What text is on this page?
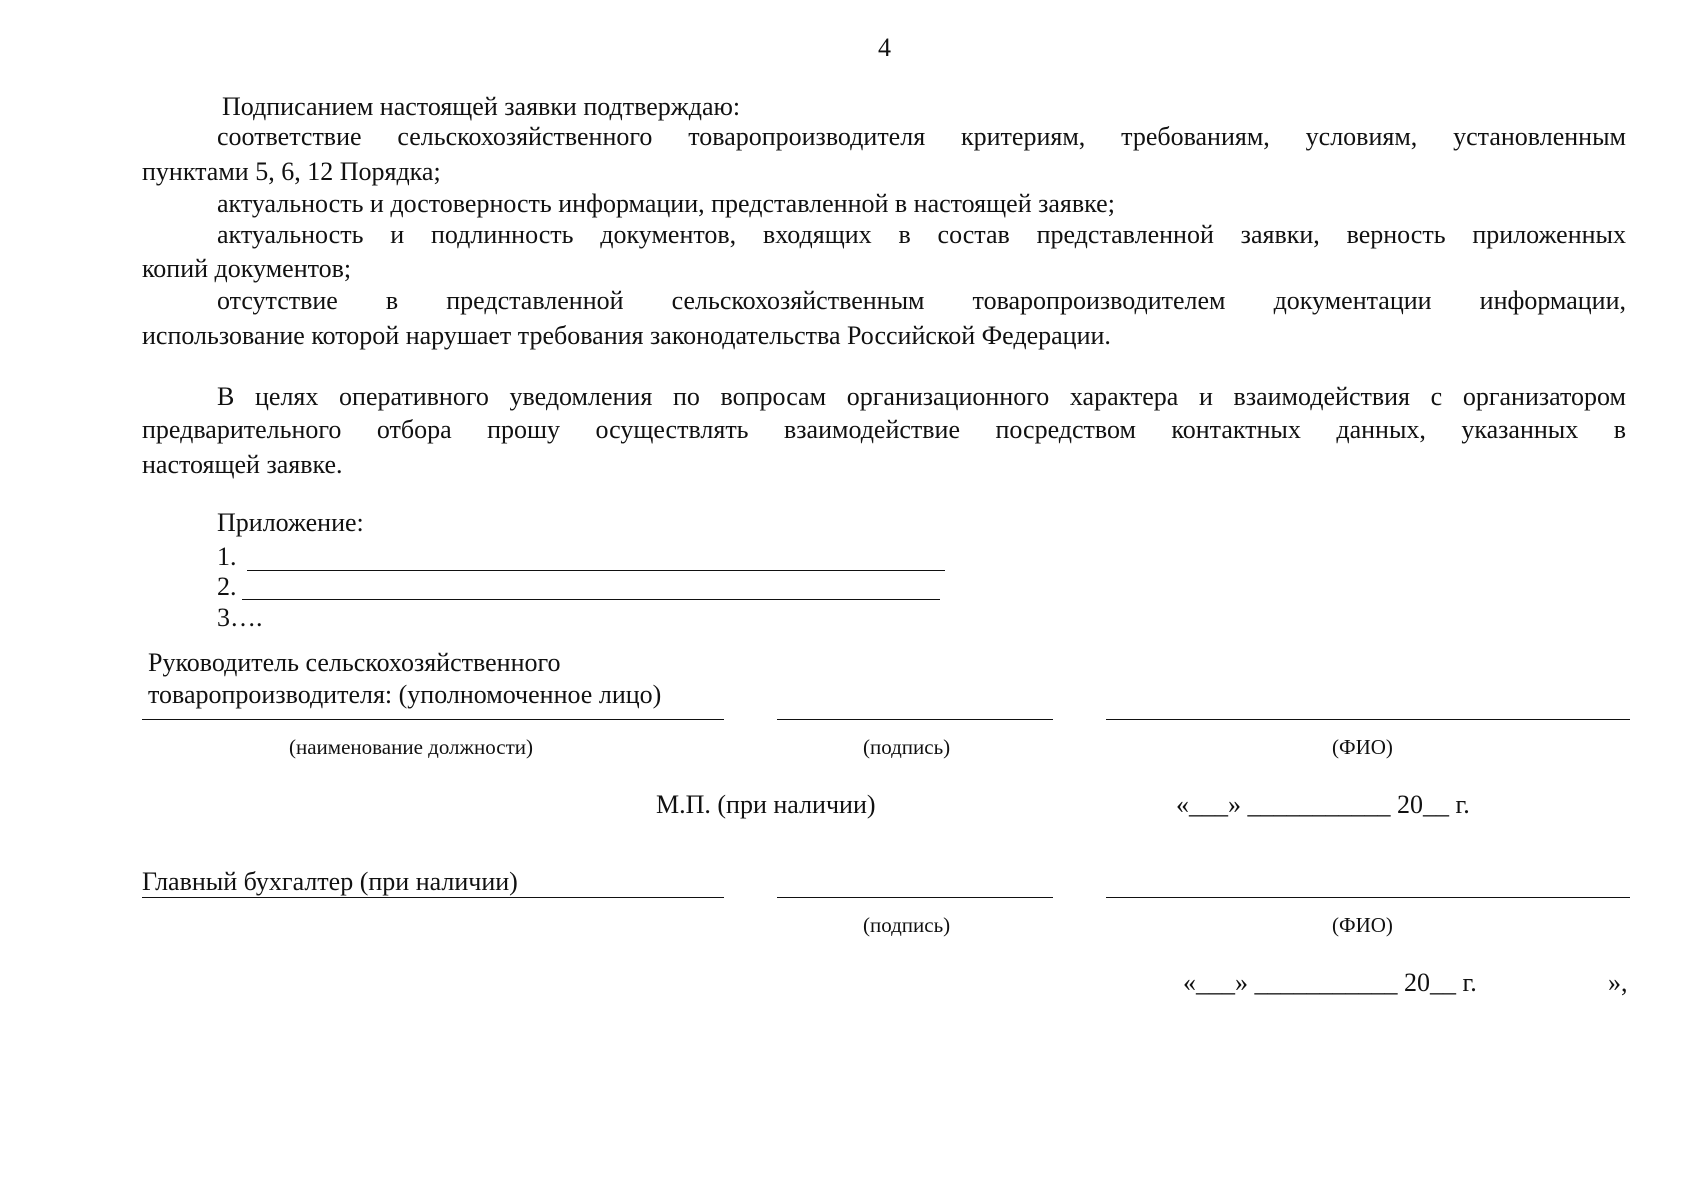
4
Подписанием настоящей заявки подтверждаю:
соответствие сельскохозяйственного товаропроизводителя критериям, требованиям, условиям, установленным
пунктами 5, 6, 12 Порядка;
актуальность и достоверность информации, представленной в настоящей заявке;
актуальность и подлинность документов, входящих в состав представленной заявки, верность приложенных
копий документов;
отсутствие в представленной сельскохозяйственным товаропроизводителем документации информации,
использование которой нарушает требования законодательства Российской Федерации.
В целях оперативного уведомления по вопросам организационного характера и взаимодействия с организатором
предварительного отбора прошу осуществлять взаимодействие посредством контактных данных, указанных в
настоящей заявке.
Приложение:
1.
2.
3….
Руководитель сельскохозяйственного
товаропроизводителя: (уполномоченное лицо)
(наименование должности)	(подпись)	(ФИО)
М.П. (при наличии)	«___» ___________ 20__ г.
Главный бухгалтер (при наличии)
(подпись)	(ФИО)
«___» ___________ 20__ г.	»,
